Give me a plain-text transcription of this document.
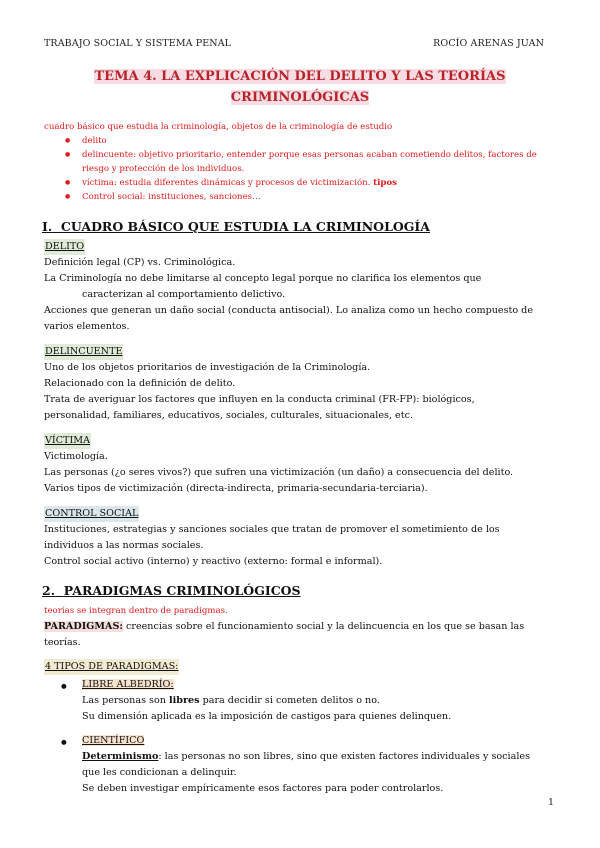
TRABAJO SOCIAL Y SISTEMA PENAL	ROCÍO ARENAS JUAN
TEMA 4. LA EXPLICACIÓN DEL DELITO Y LAS TEORÍAS
CRIMINOLÓGICAS
cuadro básico que estudia la criminología, objetos de la criminología de estudio
● delito
● delincuente: objetivo prioritario, entender porque esas personas acaban cometiendo delitos, factores de riesgo y protección de los individuos.
● víctima: estudia diferentes dinámicas y procesos de victimización. tipos
● Control social: instituciones, sanciones…
I. CUADRO BÁSICO QUE ESTUDIA LA CRIMINOLOGÍA
DELITO
Definición legal (CP) vs. Criminológica.
La Criminología no debe limitarse al concepto legal porque no clarifica los elementos que
caracterizan al comportamiento delictivo.
Acciones que generan un daño social (conducta antisocial). Lo analiza como un hecho compuesto de
varios elementos.
DELINCUENTE
Uno de los objetos prioritarios de investigación de la Criminología.
Relacionado con la definición de delito.
Trata de averiguar los factores que influyen en la conducta criminal (FR-FP): biológicos,
personalidad, familiares, educativos, sociales, culturales, situacionales, etc.
VÍCTIMA
Victimología.
Las personas (¿o seres vivos?) que sufren una victimización (un daño) a consecuencia del delito.
Varios tipos de victimización (directa-indirecta, primaria-secundaria-terciaria).
CONTROL SOCIAL
Instituciones, estrategias y sanciones sociales que tratan de promover el sometimiento de los
individuos a las normas sociales.
Control social activo (interno) y reactivo (externo: formal e informal).
2. PARADIGMAS CRIMINOLÓGICOS
teorías se integran dentro de paradigmas.
PARADIGMAS: creencias sobre el funcionamiento social y la delincuencia en los que se basan las
teorías.
4 TIPOS DE PARADIGMAS:
● LIBRE ALBEDRÍO:
Las personas son libres para decidir si cometen delitos o no.
Su dimensión aplicada es la imposición de castigos para quienes delinquen.
● CIENTÍFICO
Determinismo: las personas no son libres, sino que existen factores individuales y sociales
que les condicionan a delinquir.
Se deben investigar empíricamente esos factores para poder controlarlos.
1
